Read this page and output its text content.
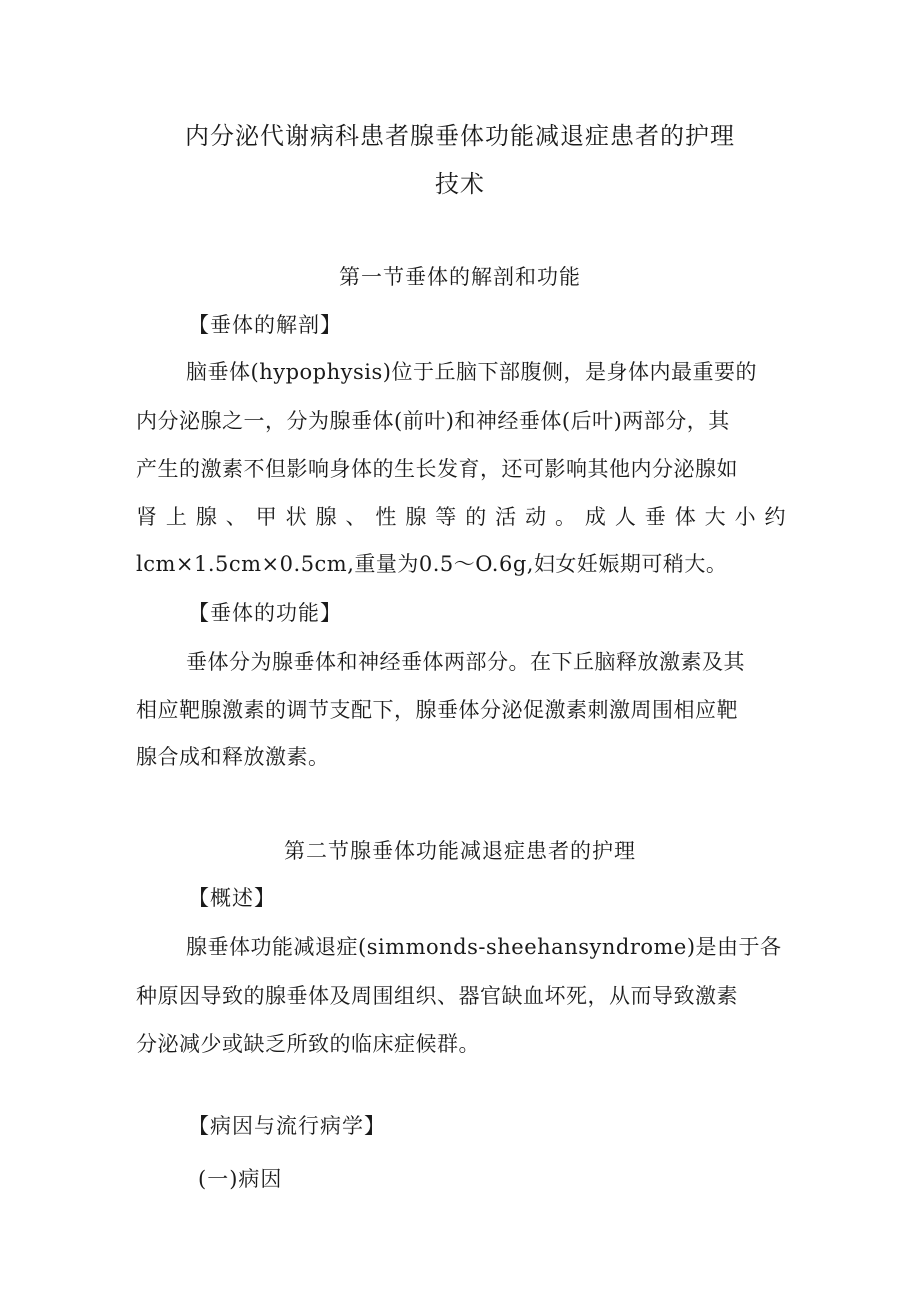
内分泌代谢病科患者腺垂体功能减退症患者的护理
技术
第一节垂体的解剖和功能
【垂体的解剖】
脑垂体(hypophysis)位于丘脑下部腹侧，是身体内最重要的
内分泌腺之一，分为腺垂体(前叶)和神经垂体(后叶)两部分，其
产生的激素不但影响身体的生长发育，还可影响其他内分泌腺如
肾上腺、甲状腺、性腺等的活动。成人垂体大小约
lcm×1.5cm×0.5cm,重量为0.5～O.6g,妇女妊娠期可稍大。
【垂体的功能】
垂体分为腺垂体和神经垂体两部分。在下丘脑释放激素及其
相应靶腺激素的调节支配下，腺垂体分泌促激素刺激周围相应靶
腺合成和释放激素。
第二节腺垂体功能减退症患者的护理
【概述】
腺垂体功能减退症(simmonds-sheehansyndrome)是由于各
种原因导致的腺垂体及周围组织、器官缺血坏死，从而导致激素
分泌减少或缺乏所致的临床症候群。
【病因与流行病学】
(一)病因
